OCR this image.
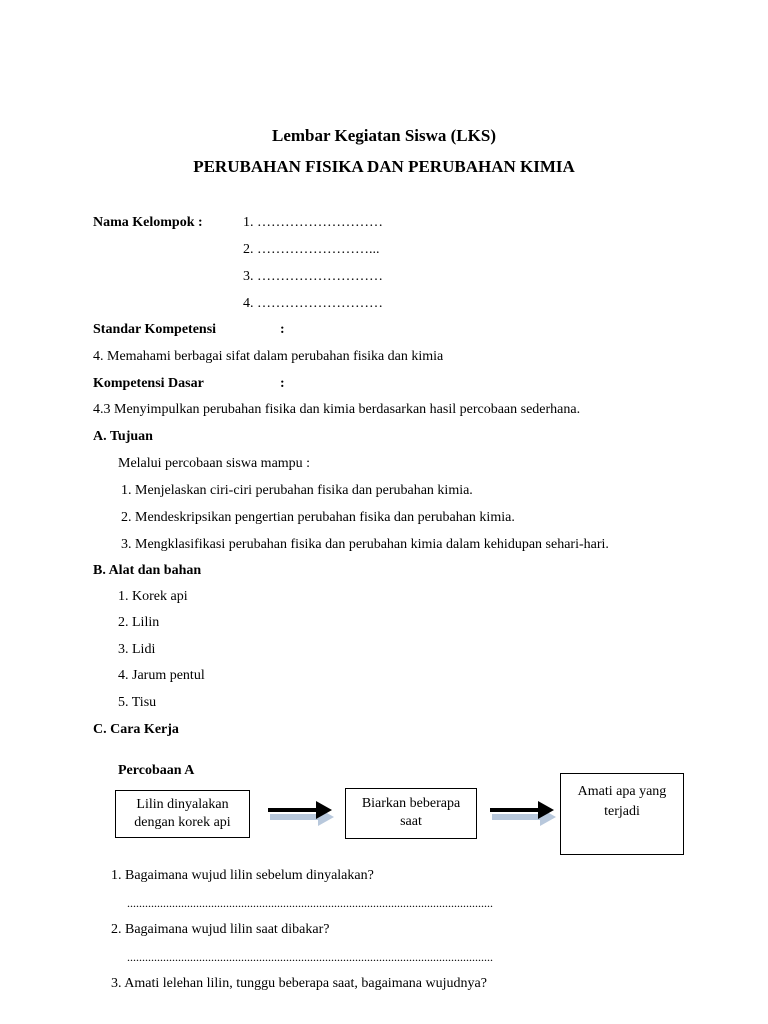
Lembar Kegiatan Siswa (LKS)
PERUBAHAN FISIKA DAN PERUBAHAN KIMIA
Nama Kelompok :	1. ………………………
2. ……………………...
3. ………………………
4. ………………………
Standar Kompetensi	:
4. Memahami berbagai sifat dalam perubahan fisika dan kimia
Kompetensi Dasar	:
4.3 Menyimpulkan perubahan fisika dan kimia berdasarkan hasil percobaan sederhana.
A. Tujuan
Melalui percobaan siswa mampu :
1. Menjelaskan ciri-ciri perubahan fisika dan perubahan kimia.
2. Mendeskripsikan pengertian perubahan fisika dan perubahan kimia.
3. Mengklasifikasi perubahan fisika dan perubahan kimia dalam kehidupan sehari-hari.
B. Alat dan bahan
1. Korek api
2. Lilin
3. Lidi
4. Jarum pentul
5. Tisu
C. Cara Kerja
Percobaan A
Lilin dinyalakan
dengan korek api
Biarkan beberapa
saat
Amati apa yang
terjadi
1. Bagaimana wujud lilin sebelum dinyalakan?
..........................................................................................................................
2. Bagaimana wujud lilin saat dibakar?
..........................................................................................................................
3. Amati lelehan lilin, tunggu beberapa saat, bagaimana wujudnya?
